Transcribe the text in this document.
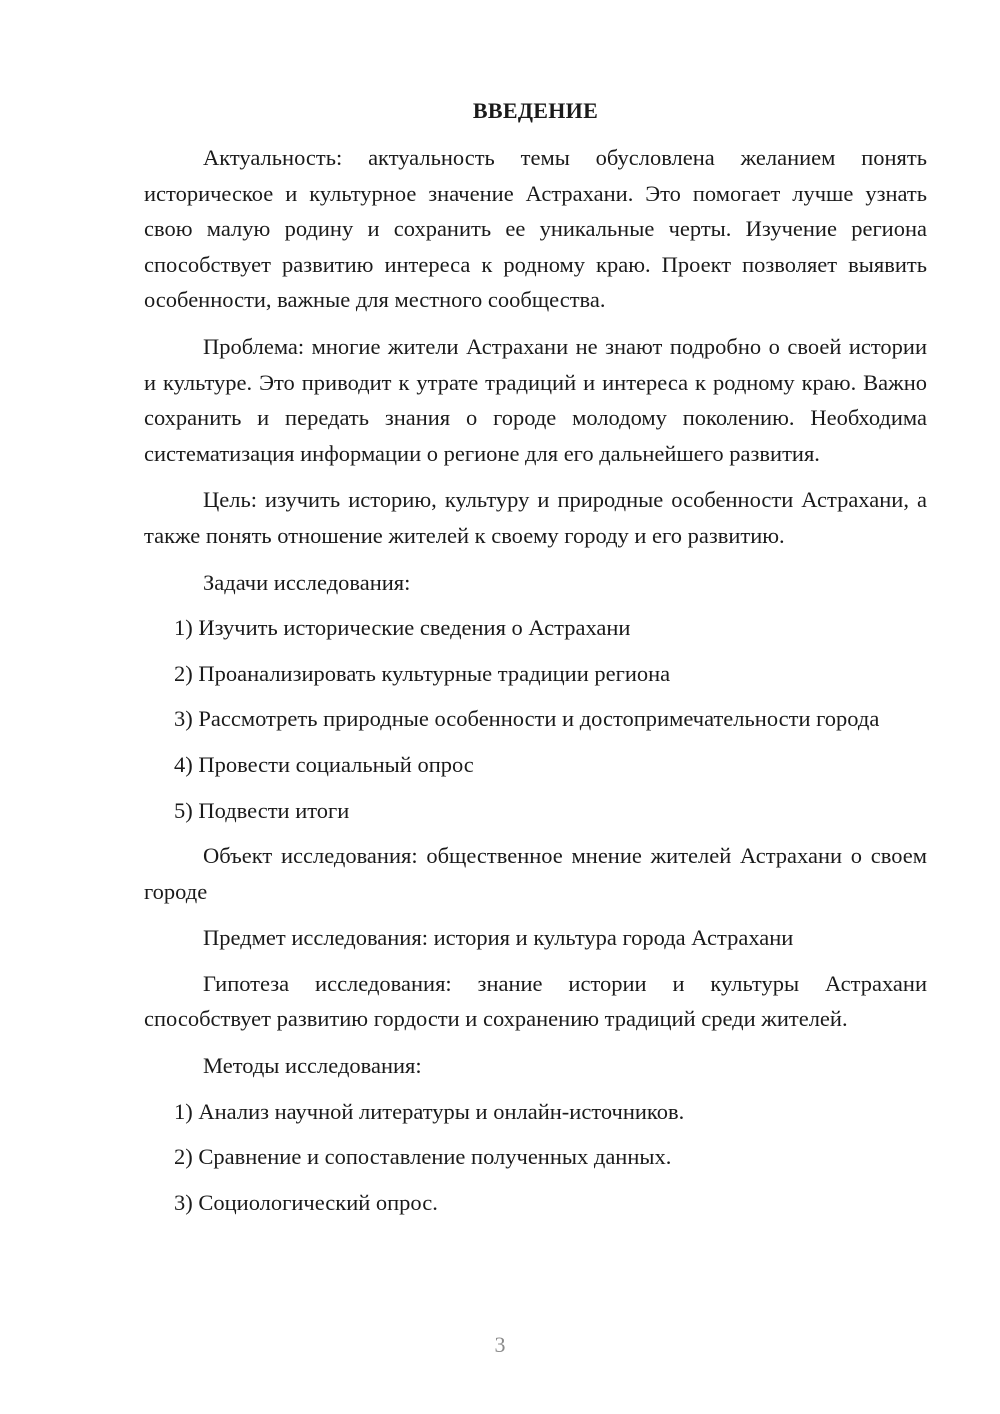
ВВЕДЕНИЕ

Актуальность: актуальность темы обусловлена желанием понять историческое и культурное значение Астрахани. Это помогает лучше узнать свою малую родину и сохранить ее уникальные черты. Изучение региона способствует развитию интереса к родному краю. Проект позволяет выявить особенности, важные для местного сообщества.

Проблема: многие жители Астрахани не знают подробно о своей истории и культуре. Это приводит к утрате традиций и интереса к родному краю. Важно сохранить и передать знания о городе молодому поколению. Необходима систематизация информации о регионе для его дальнейшего развития.

Цель: изучить историю, культуру и природные особенности Астрахани, а также понять отношение жителей к своему городу и его развитию.

Задачи исследования:

1) Изучить исторические сведения о Астрахани
2) Проанализировать культурные традиции региона
3) Рассмотреть природные особенности и достопримечательности города
4) Провести социальный опрос
5) Подвести итоги

Объект исследования: общественное мнение жителей Астрахани о своем городе

Предмет исследования: история и культура города Астрахани

Гипотеза исследования: знание истории и культуры Астрахани способствует развитию гордости и сохранению традиций среди жителей.

Методы исследования:

1) Анализ научной литературы и онлайн-источников.
2) Сравнение и сопоставление полученных данных.
3) Социологический опрос.
3
